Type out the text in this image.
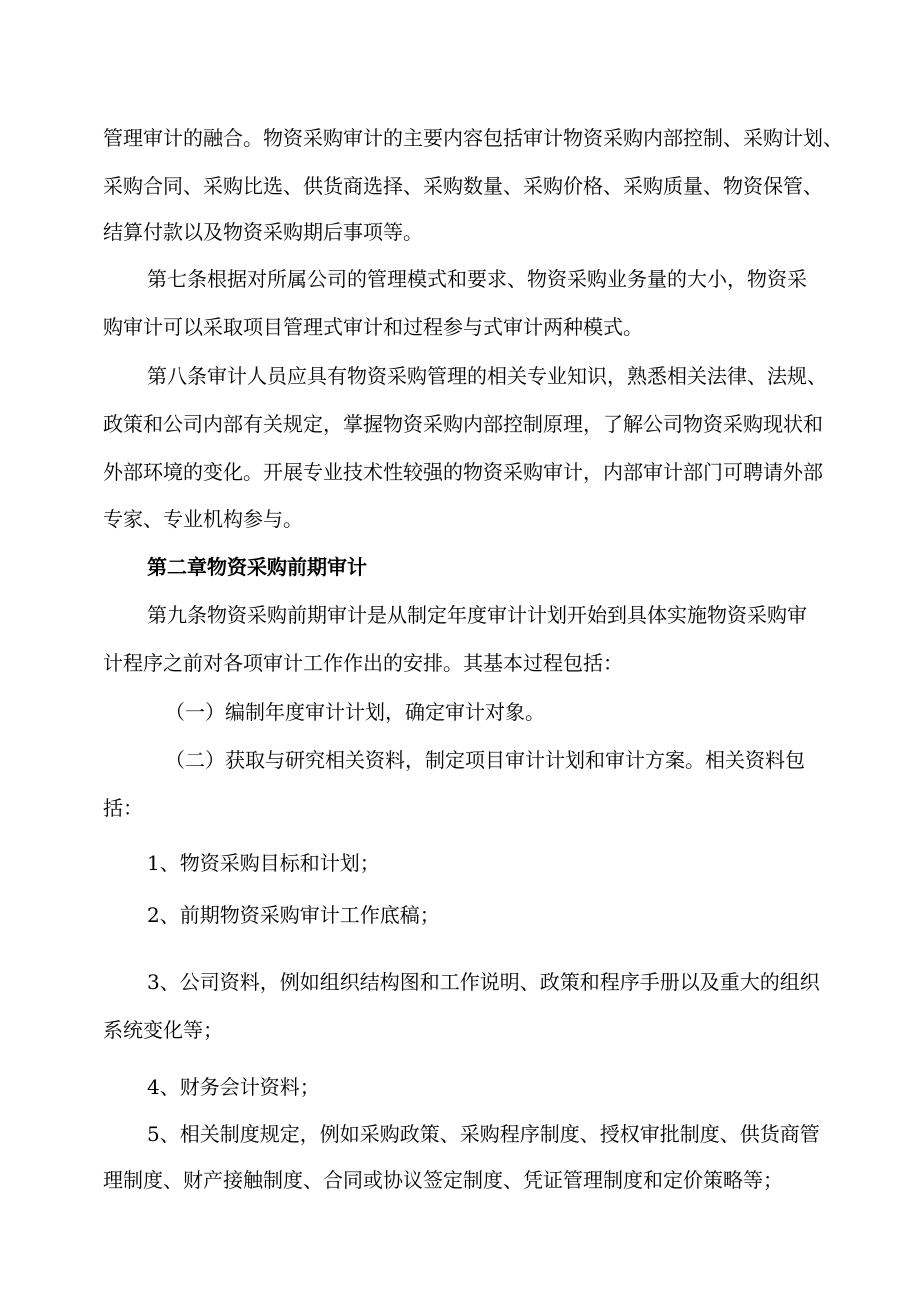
管理审计的融合。物资采购审计的主要内容包括审计物资采购内部控制、采购计划、
采购合同、采购比选、供货商选择、采购数量、采购价格、采购质量、物资保管、
结算付款以及物资采购期后事项等。
第七条根据对所属公司的管理模式和要求、物资采购业务量的大小，物资采
购审计可以采取项目管理式审计和过程参与式审计两种模式。
第八条审计人员应具有物资采购管理的相关专业知识，熟悉相关法律、法规、
政策和公司内部有关规定，掌握物资采购内部控制原理，了解公司物资采购现状和
外部环境的变化。开展专业技术性较强的物资采购审计，内部审计部门可聘请外部
专家、专业机构参与。
第二章物资采购前期审计
第九条物资采购前期审计是从制定年度审计计划开始到具体实施物资采购审
计程序之前对各项审计工作作出的安排。其基本过程包括：
（一）编制年度审计计划，确定审计对象。
（二）获取与研究相关资料，制定项目审计计划和审计方案。相关资料包
括：
1、物资采购目标和计划；
2、前期物资采购审计工作底稿；
3、公司资料，例如组织结构图和工作说明、政策和程序手册以及重大的组织
系统变化等；
4、财务会计资料；
5、相关制度规定，例如采购政策、采购程序制度、授权审批制度、供货商管
理制度、财产接触制度、合同或协议签定制度、凭证管理制度和定价策略等；
